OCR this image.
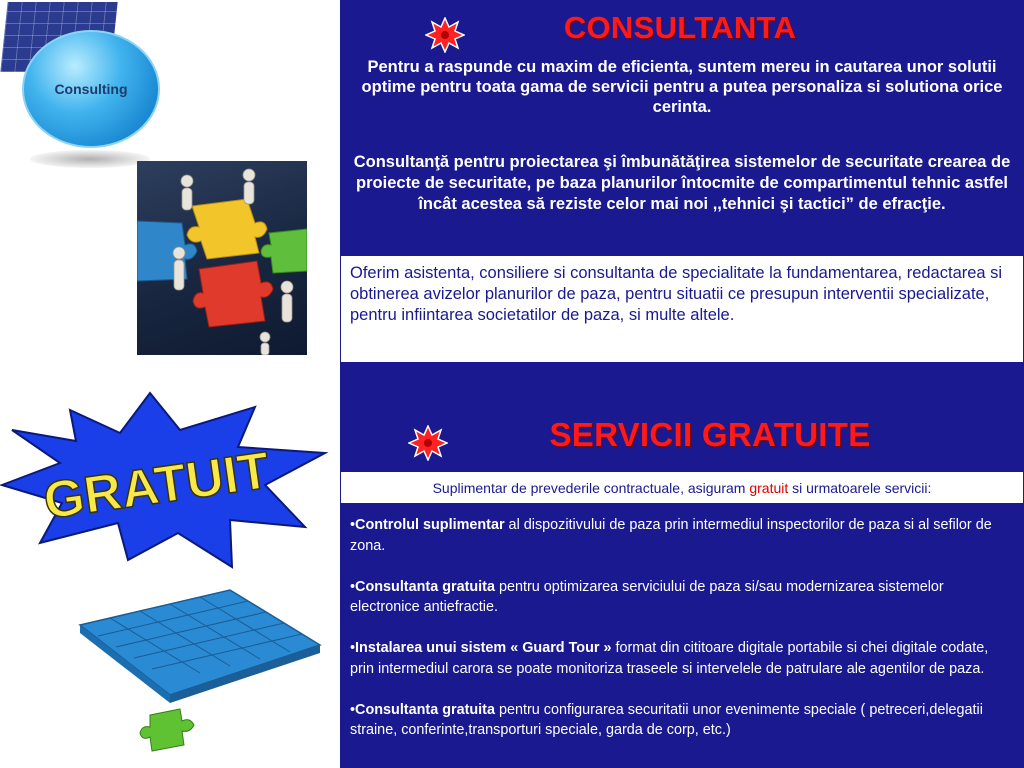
Consulting
GRATUIT
CONSULTANTA

Pentru a raspunde cu maxim de eficienta, suntem mereu in cautarea unor solutii optime pentru toata gama de servicii pentru a putea personaliza si solutiona orice cerinta.

Consultanţă pentru proiectarea şi îmbunătăţirea sistemelor de securitate crearea de proiecte de securitate, pe baza planurilor întocmite de compartimentul tehnic astfel încât acestea să reziste celor mai noi ,,tehnici şi tactici” de efracţie.

Oferim asistenta, consiliere si consultanta de specialitate la fundamentarea, redactarea si obtinerea avizelor planurilor de paza, pentru situatii ce presupun interventii specializate, pentru infiintarea societatilor de paza, si multe altele.

SERVICII GRATUITE

Suplimentar de prevederile contractuale, asiguram gratuit si urmatoarele servicii:

•Controlul suplimentar al dispozitivului de paza prin intermediul inspectorilor de paza si al sefilor de zona.
•Consultanta gratuita pentru optimizarea serviciului de paza si/sau modernizarea sistemelor electronice antiefractie.
•Instalarea unui sistem « Guard Tour » format din cititoare digitale portabile si chei digitale codate, prin intermediul carora se poate monitoriza traseele si intervelele de patrulare ale agentilor de paza.
•Consultanta gratuita pentru configurarea securitatii unor evenimente speciale ( petreceri,delegatii straine, conferinte,transporturi speciale, garda de corp, etc.)
